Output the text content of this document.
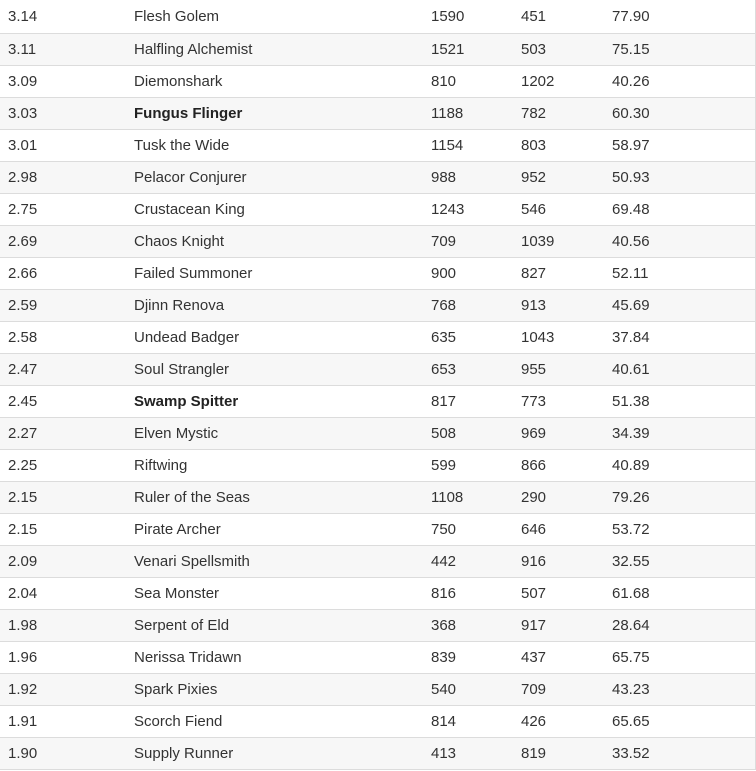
3.14	Flesh Golem	1590	451	77.90
3.11	Halfling Alchemist	1521	503	75.15
3.09	Diemonshark	810	1202	40.26
3.03	Fungus Flinger	1188	782	60.30
3.01	Tusk the Wide	1154	803	58.97
2.98	Pelacor Conjurer	988	952	50.93
2.75	Crustacean King	1243	546	69.48
2.69	Chaos Knight	709	1039	40.56
2.66	Failed Summoner	900	827	52.11
2.59	Djinn Renova	768	913	45.69
2.58	Undead Badger	635	1043	37.84
2.47	Soul Strangler	653	955	40.61
2.45	Swamp Spitter	817	773	51.38
2.27	Elven Mystic	508	969	34.39
2.25	Riftwing	599	866	40.89
2.15	Ruler of the Seas	1108	290	79.26
2.15	Pirate Archer	750	646	53.72
2.09	Venari Spellsmith	442	916	32.55
2.04	Sea Monster	816	507	61.68
1.98	Serpent of Eld	368	917	28.64
1.96	Nerissa Tridawn	839	437	65.75
1.92	Spark Pixies	540	709	43.23
1.91	Scorch Fiend	814	426	65.65
1.90	Supply Runner	413	819	33.52
